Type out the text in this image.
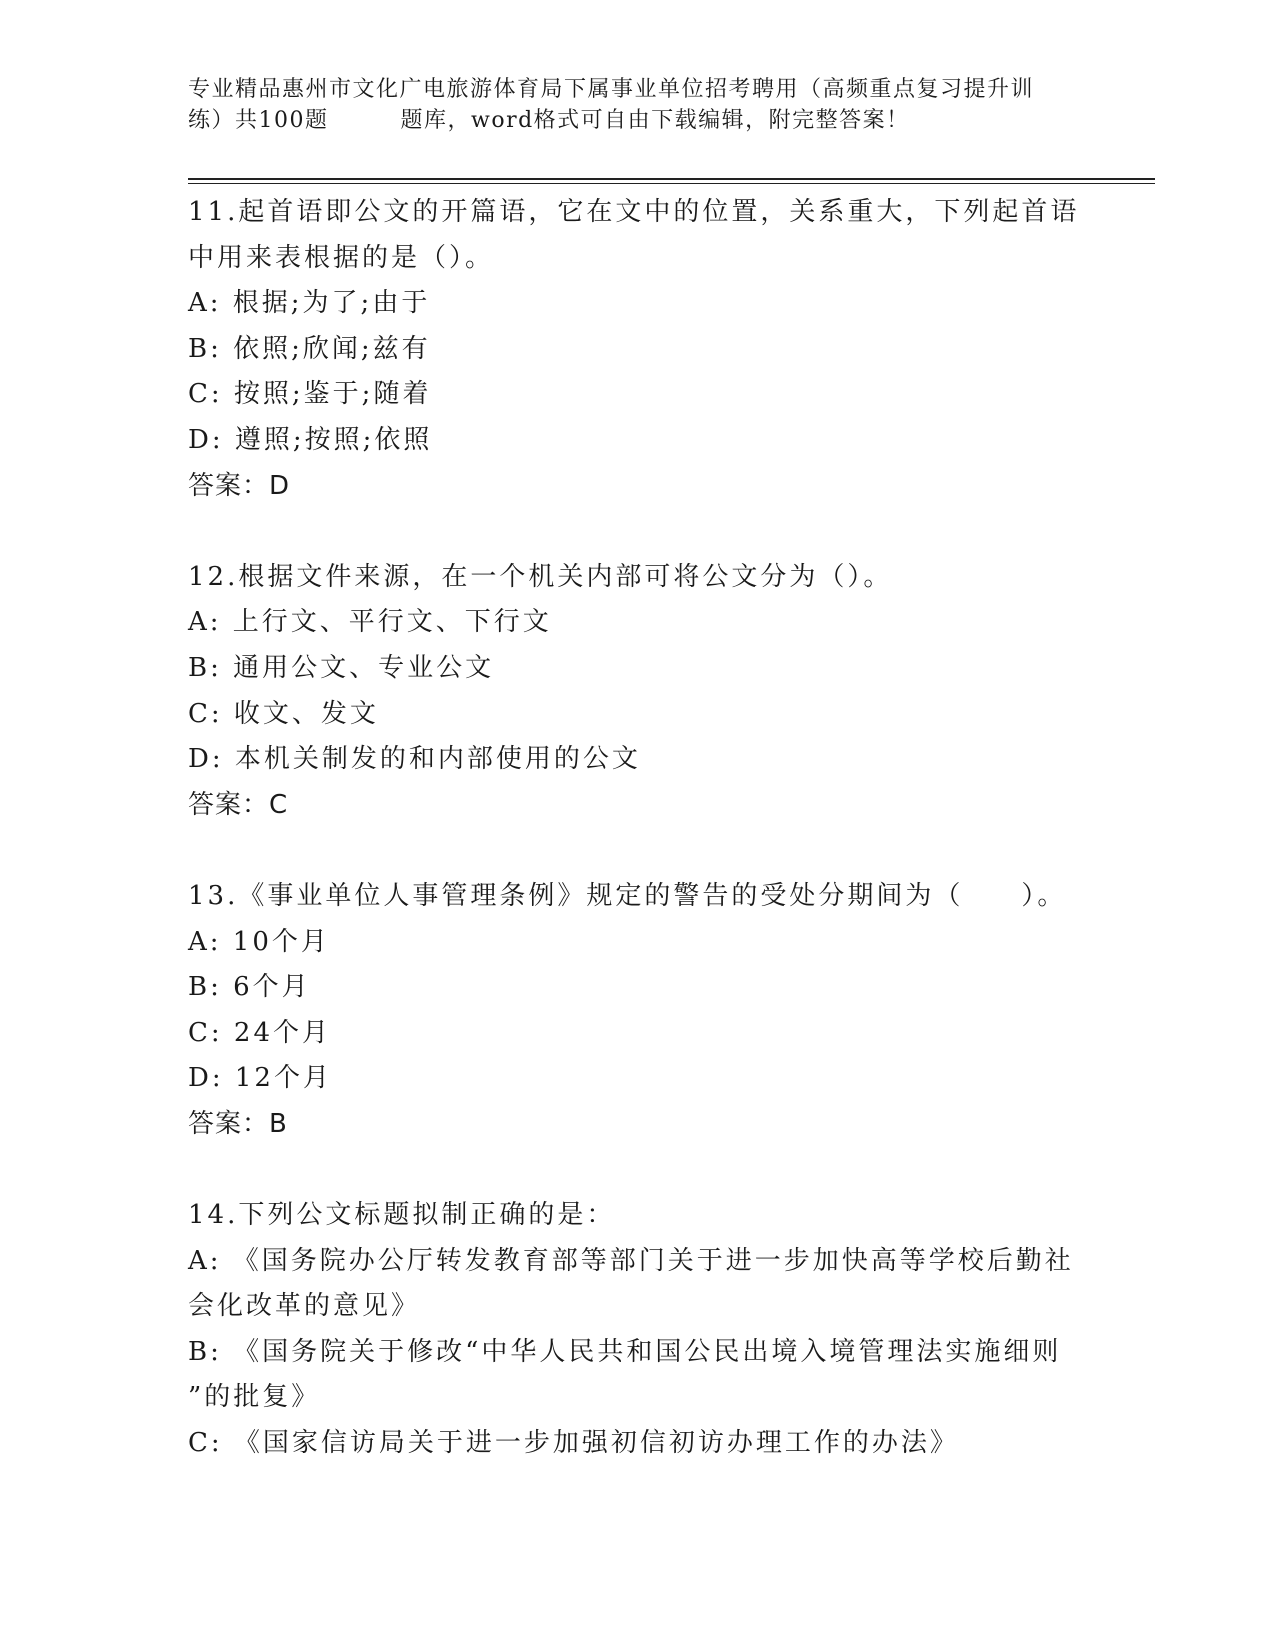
专业精品惠州市文化广电旅游体育局下属事业单位招考聘用（高频重点复习提升训
练）共100题	题库，word格式可自由下载编辑，附完整答案！
11.起首语即公文的开篇语，它在文中的位置，关系重大，下列起首语
中用来表根据的是（）。
A: 根据;为了;由于
B: 依照;欣闻;兹有
C: 按照;鉴于;随着
D: 遵照;按照;依照
答案：D
12.根据文件来源，在一个机关内部可将公文分为（）。
A: 上行文、平行文、下行文
B: 通用公文、专业公文
C: 收文、发文
D: 本机关制发的和内部使用的公文
答案：C
13.《事业单位人事管理条例》规定的警告的受处分期间为（　　）。
A: 10个月
B: 6个月
C: 24个月
D: 12个月
答案：B
14.下列公文标题拟制正确的是：
A: 《国务院办公厅转发教育部等部门关于进一步加快高等学校后勤社
会化改革的意见》
B: 《国务院关于修改“中华人民共和国公民出境入境管理法实施细则
”的批复》
C: 《国家信访局关于进一步加强初信初访办理工作的办法》
